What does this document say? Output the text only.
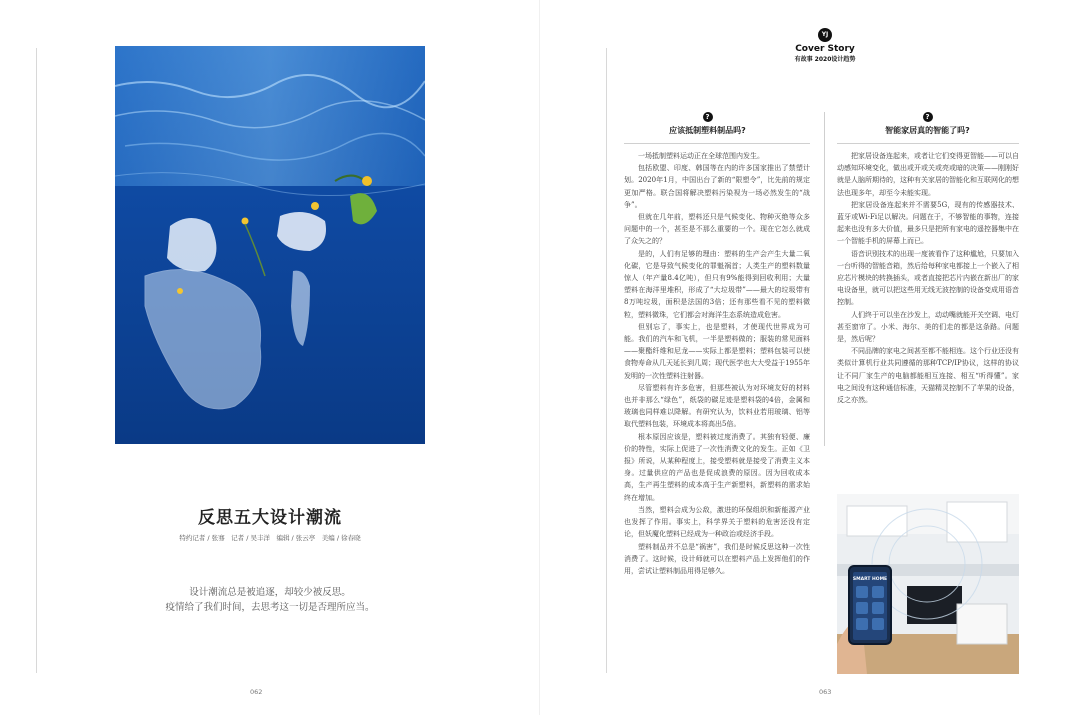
反思五大设计潮流
特约记者 / 张骞　记者 / 吴丰洋　编辑 / 张云亭　美编 / 徐春晓

设计潮流总是被追逐，却较少被反思。

疫情给了我们时间，去思考这一切是否理所应当。

062
YJ
Cover Story
有故事 2020设计趋势
?
应该抵制塑料制品吗?
?
智能家居真的智能了吗?

一场抵制塑料运动正在全球范围内发生。

包括欧盟、印度、韩国等在内的许多国家推出了禁塑计划。2020年1月，中国出台了新的“限塑令”，比先前的规定更加严格。联合国将解决塑料污染视为一场必然发生的“战争”。

但就在几年前，塑料还只是气候变化、物种灭绝等众多问题中的一个，甚至是不那么重要的一个。现在它怎么就成了众矢之的？

是的，人们有足够的理由：塑料的生产会产生大量二氧化碳，它是导致气候变化的罪魁祸首；人类生产的塑料数量惊人（年产量8.4亿吨），但只有9%能得到回收利用；大量塑料在海洋里堆积，形成了“大垃圾带”——最大的垃圾带有8万吨垃圾，面积是法国的3倍；还有那些看不见的塑料微粒，塑料微珠，它们都会对海洋生态系统造成危害。

但别忘了，事实上，也是塑料，才使现代世界成为可能。我们的汽车和飞机，一半是塑料做的；服装的常见面料——聚酯纤维和尼龙——实际上都是塑料；塑料包装可以使食物寿命从几天延长到几周；现代医学也大大受益于1955年发明的一次性塑料注射器。

尽管塑料有许多危害，但那些被认为对环境友好的材料也并非那么“绿色”，纸袋的碳足迹是塑料袋的4倍，金属和玻璃也同样难以降解。有研究认为，饮料业若用玻璃、铝等取代塑料包装，环境成本将高出5倍。

根本原因应该是，塑料被过度消费了。其独有轻便、廉价的特性，实际上促进了一次性消费文化的发生。正如《卫报》所说，从某种程度上，接受塑料就是接受了消费主义本身。过量供应的产品也是促成浪费的原因。因为回收成本高，生产再生塑料的成本高于生产新塑料，新塑料的需求始终在增加。

当然，塑料会成为公敌，激进的环保组织和新能源产业也发挥了作用。事实上，科学界关于塑料的危害还没有定论，但妖魔化塑料已经成为一种政治或经济手段。

塑料制品并不总是“祸害”，我们是时候反思这种一次性消费了。这时候，设计师就可以在塑料产品上发挥他们的作用，尝试让塑料制品用得足够久。

把家居设备连起来，或者让它们变得更智能——可以自动感知环境变化，做出或开或关或亮或暗的决策——刚刚好就是人脑所期待的，这种有关家居的智能化和互联网化的想法也现多年，却至今未能实现。

把家居设备连起来并不需要5G，现有的传感器技术、蓝牙或Wi-Fi足以解决。问题在于，不够智能的事物，连接起来也没有多大价值，最多只是把所有家电的遥控器集中在一个智能手机的屏幕上而已。

语音识别技术的出现一度被看作了这种尴尬，只要加入一台听得的智能音箱，然后给每种家电都接上一个嵌入了相应芯片模块的转换插头，或者直接把芯片内嵌在新出厂的家电设备里，就可以把这些用无线无波控制的设备变成用语音控制。

人们终于可以坐在沙发上，动动嘴就能开关空调、电灯甚至窗帘了。小米、海尔、美的们走的都是这条路。问题是，然后呢？

不同品牌的家电之间甚至都不能相连。这个行业还没有类似计算机行业共同遵循的那种TCP/IP协议，这样的协议让不同厂家生产的电脑都能相互连接、相互“听得懂”。家电之间没有这种通信标准，天猫精灵控制不了苹果的设备，反之亦然。

SMART HOME
063
